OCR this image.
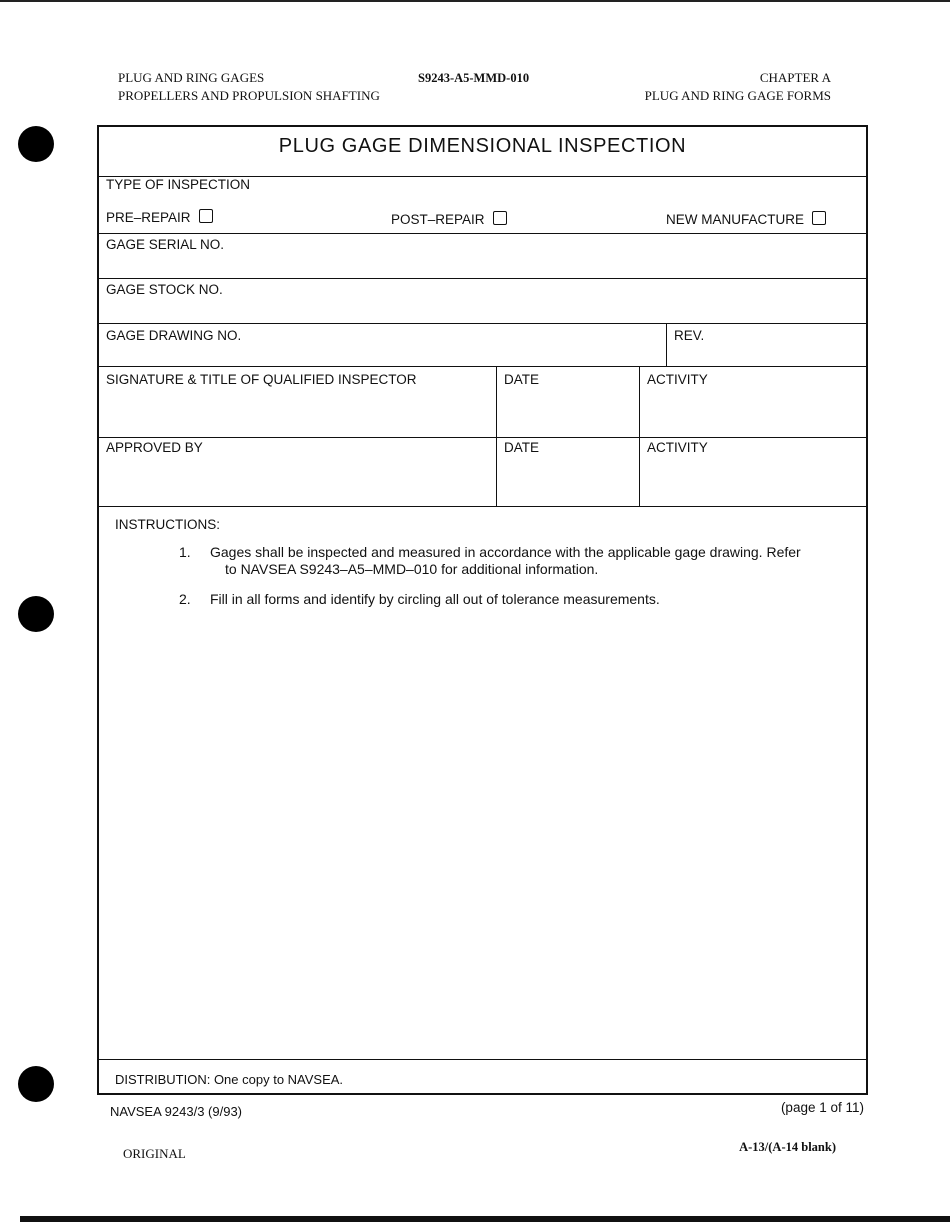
PLUG AND RING GAGES
PROPELLERS AND PROPULSION SHAFTING
S9243-A5-MMD-010	CHAPTER A
PLUG AND RING GAGE FORMS
PLUG GAGE DIMENSIONAL INSPECTION
TYPE OF INSPECTION
PRE–REPAIR	POST–REPAIR	NEW MANUFACTURE
GAGE SERIAL NO.
GAGE STOCK NO.
GAGE DRAWING NO.	REV.
SIGNATURE & TITLE OF QUALIFIED INSPECTOR	DATE	ACTIVITY
APPROVED BY	DATE	ACTIVITY
INSTRUCTIONS:
1. Gages shall be inspected and measured in accordance with the applicable gage drawing. Refer
to NAVSEA S9243–A5–MMD–010 for additional information.
2. Fill in all forms and identify by circling all out of tolerance measurements.
DISTRIBUTION: One copy to NAVSEA.
NAVSEA 9243/3 (9/93)	(page 1 of 11)
ORIGINAL	A-13/(A-14 blank)
